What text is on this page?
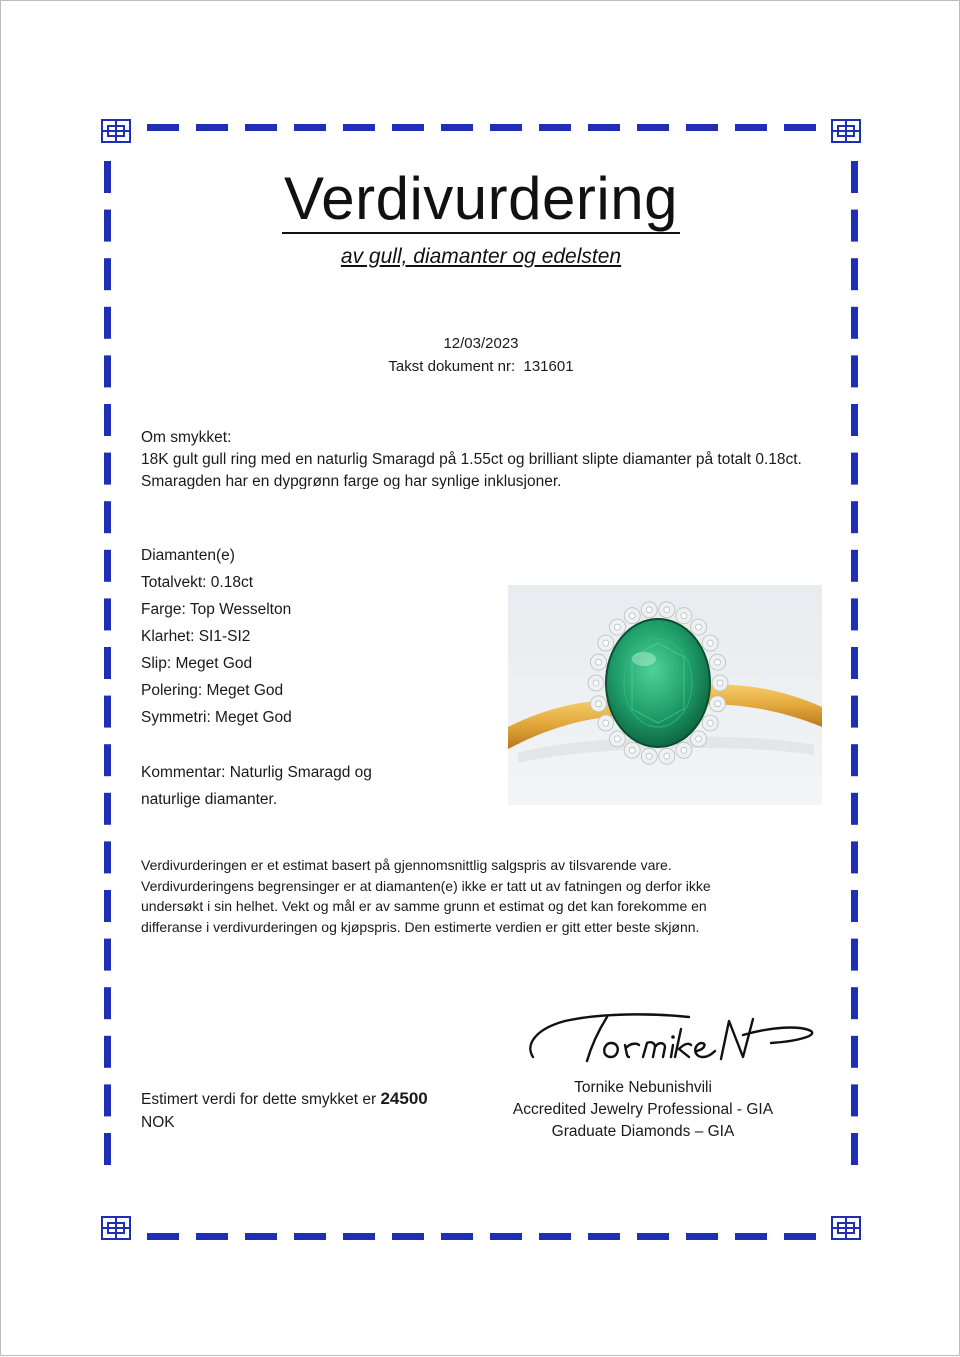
Verdivurdering
av gull, diamanter og edelsten
12/03/2023
Takst dokument nr: 131601
Om smykket:
18K gult gull ring med en naturlig Smaragd på 1.55ct og brilliant slipte diamanter på totalt 0.18ct. Smaragden har en dypgrønn farge og har synlige inklusjoner.
Diamanten(e)
Totalvekt: 0.18ct
Farge: Top Wesselton
Klarhet: SI1-SI2
Slip: Meget God
Polering: Meget God
Symmetri: Meget God
Kommentar: Naturlig Smaragd og
naturlige diamanter.
Verdivurderingen er et estimat basert på gjennomsnittlig salgspris av tilsvarende vare.
Verdivurderingens begrensinger er at diamanten(e) ikke er tatt ut av fatningen og derfor ikke
undersøkt i sin helhet. Vekt og mål er av samme grunn et estimat og det kan forekomme en
differanse i verdivurderingen og kjøpspris. Den estimerte verdien er gitt etter beste skjønn.
Estimert verdi for dette smykket er 24500
NOK
Tornike Nebunishvili
Accredited Jewelry Professional - GIA
Graduate Diamonds – GIA
